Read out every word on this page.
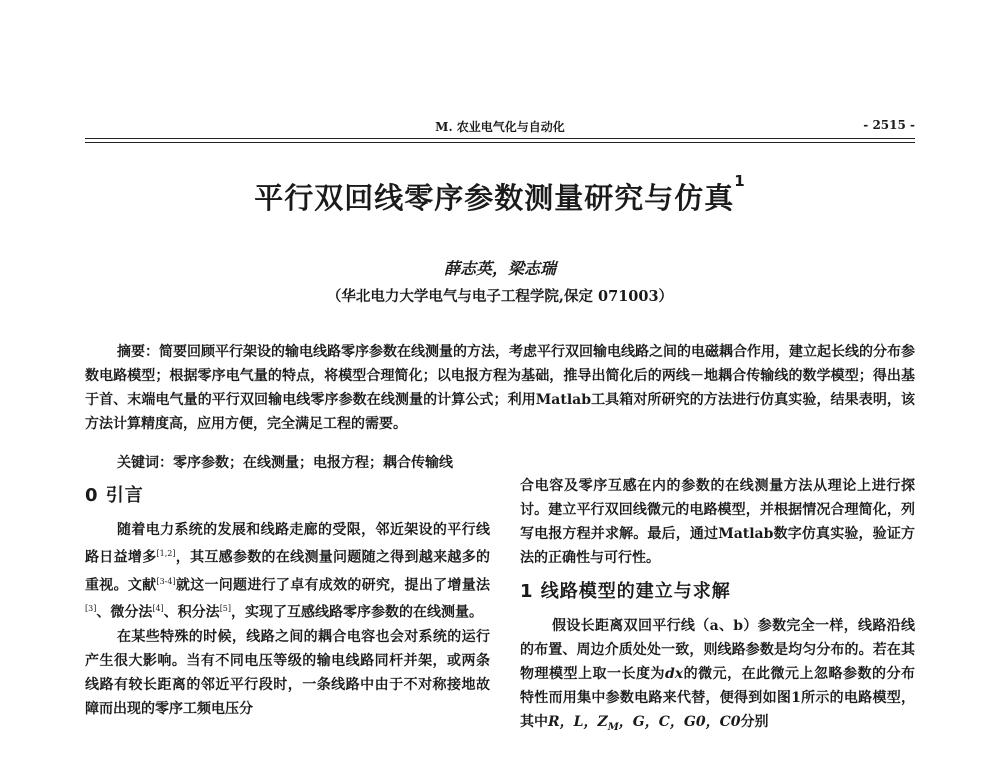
M. 农业电气化与自动化	- 2515 -
平行双回线零序参数测量研究与仿真$^1$
薛志英，梁志瑞
（华北电力大学电气与电子工程学院,保定 071003）

摘要：简要回顾平行架设的输电线路零序参数在线测量的方法，考虑平行双回输电线路之间的电磁耦合作用，建立起长线的分布参数电路模型；根据零序电气量的特点，将模型合理简化；以电报方程为基础，推导出简化后的两线－地耦合传输线的数学模型；得出基于首、末端电气量的平行双回输电线零序参数在线测量的计算公式；利用Matlab工具箱对所研究的方法进行仿真实验，结果表明，该方法计算精度高，应用方便，完全满足工程的需要。

关键词：零序参数；在线测量；电报方程；耦合传输线
0 引言

随着电力系统的发展和线路走廊的受限，邻近架设的平行线路日益增多[1,2]，其互感参数的在线测量问题随之得到越来越多的重视。文献[3-4]就这一问题进行了卓有成效的研究，提出了增量法[3]、微分法[4]、积分法[5]，实现了互感线路零序参数的在线测量。

在某些特殊的时候，线路之间的耦合电容也会对系统的运行产生很大影响。当有不同电压等级的输电线路同杆并架，或两条线路有较长距离的邻近平行段时，一条线路中由于不对称接地故障而出现的零序工频电压分

合电容及零序互感在内的参数的在线测量方法从理论上进行探讨。建立平行双回线微元的电路模型，并根据情况合理简化，列写电报方程并求解。最后，通过Matlab数字仿真实验，验证方法的正确性与可行性。

1 线路模型的建立与求解

假设长距离双回平行线（a、b）参数完全一样，线路沿线的布置、周边介质处处一致，则线路参数是均匀分布的。若在其物理模型上取一长度为dx的微元，在此微元上忽略参数的分布特性而用集中参数电路来代替，便得到如图1所示的电路模型，其中R，L，$Z_M$，G，C，G0，C0分别
